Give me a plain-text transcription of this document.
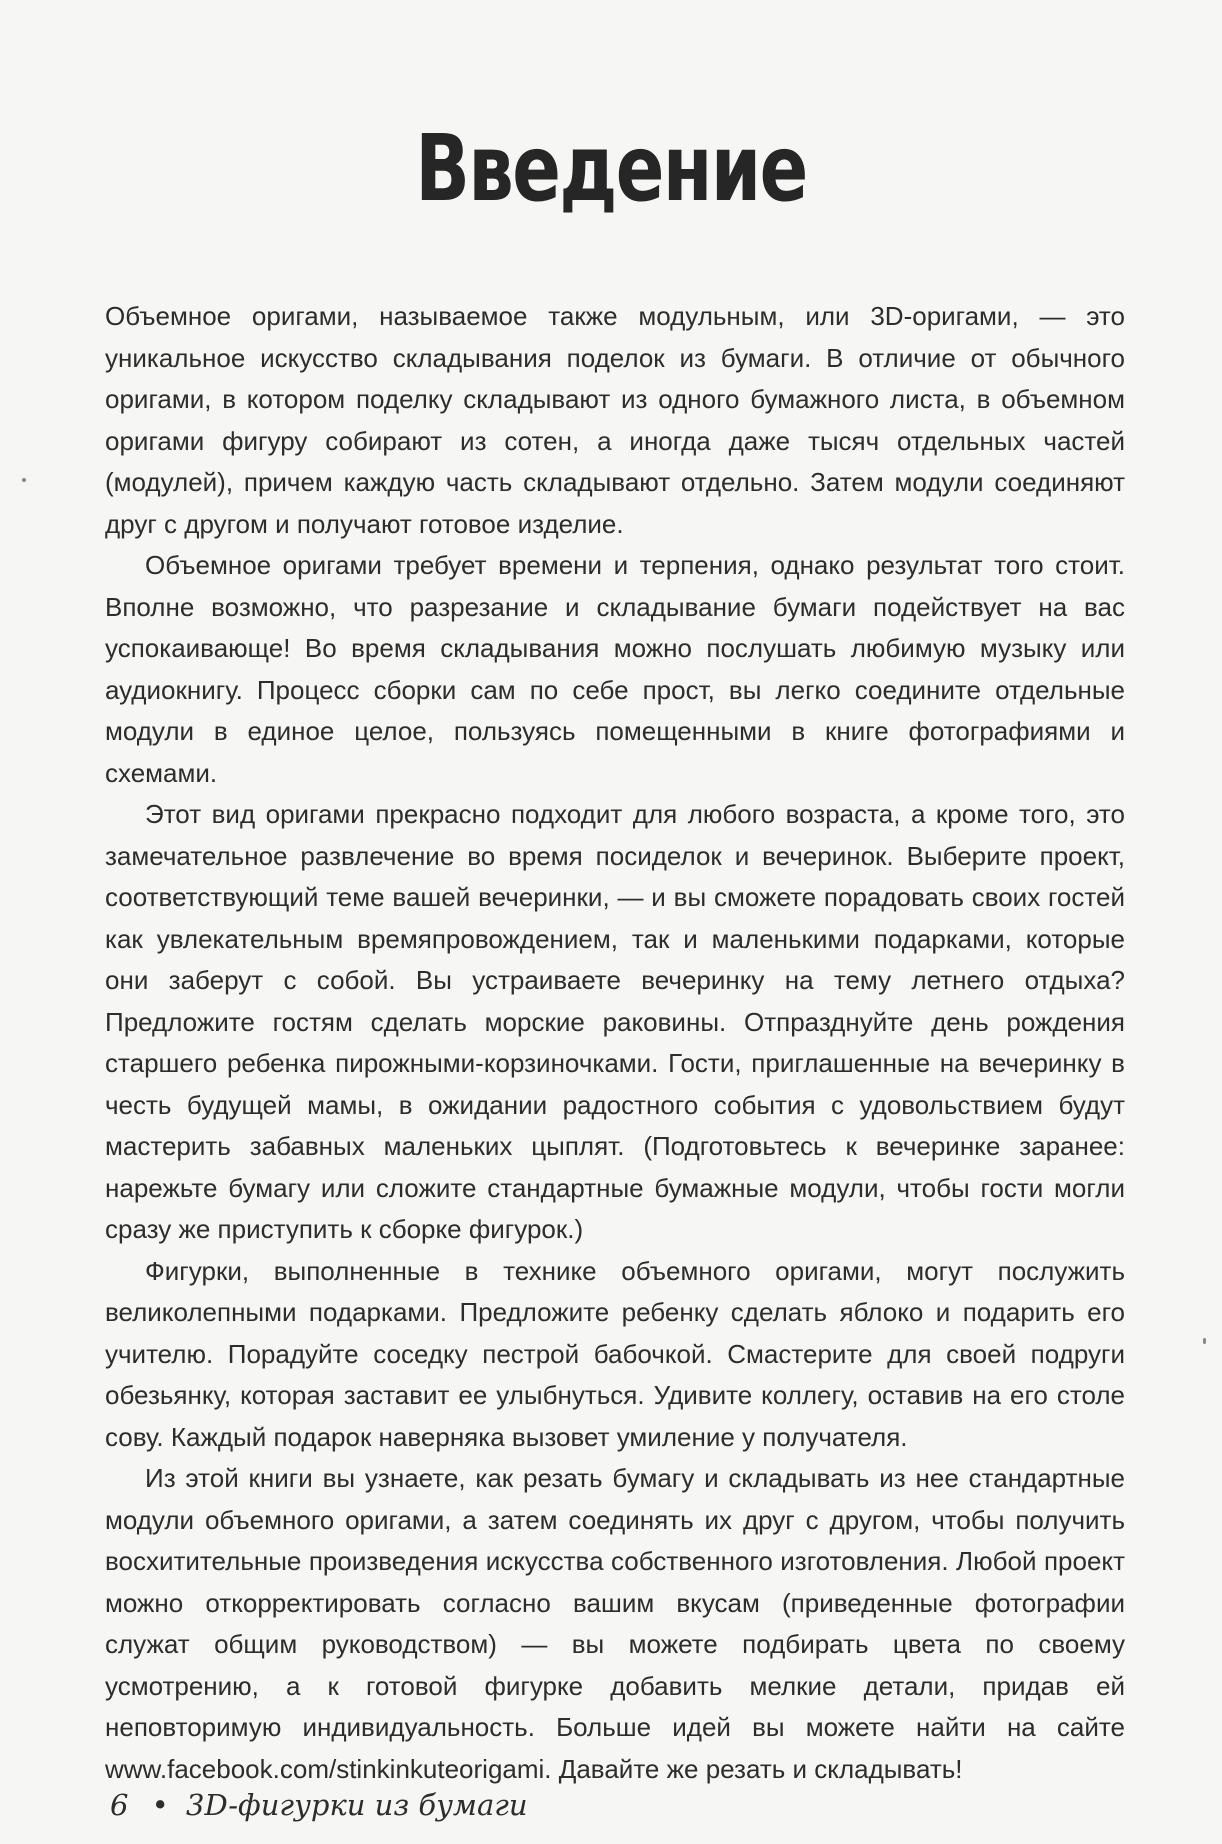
Введение

Объемное оригами, называемое также модульным, или 3D-оригами, — это уникальное искусство складывания поделок из бумаги. В отличие от обычного оригами, в котором поделку складывают из одного бумажного листа, в объемном оригами фигуру собирают из сотен, а иногда даже тысяч отдельных частей (модулей), причем каждую часть складывают отдельно. Затем модули соединяют друг с другом и получают готовое изделие.

Объемное оригами требует времени и терпения, однако результат того стоит. Вполне возможно, что разрезание и складывание бумаги подействует на вас успокаивающе! Во время складывания можно послушать любимую музыку или аудиокнигу. Процесс сборки сам по себе прост, вы легко соедините отдельные модули в единое целое, пользуясь помещенными в книге фотографиями и схемами.

Этот вид оригами прекрасно подходит для любого возраста, а кроме того, это замечательное развлечение во время посиделок и вечеринок. Выберите проект, соответствующий теме вашей вечеринки, — и вы сможете порадовать своих гостей как увлекательным времяпровождением, так и маленькими подарками, которые они заберут с собой. Вы устраиваете вечеринку на тему летнего отдыха? Предложите гостям сделать морские раковины. Отпразднуйте день рождения старшего ребенка пирожными-корзиночками. Гости, приглашенные на вечеринку в честь будущей мамы, в ожидании радостного события с удовольствием будут мастерить забавных маленьких цыплят. (Подготовьтесь к вечеринке заранее: нарежьте бумагу или сложите стандартные бумажные модули, чтобы гости могли сразу же приступить к сборке фигурок.)

Фигурки, выполненные в технике объемного оригами, могут послужить великолепными подарками. Предложите ребенку сделать яблоко и подарить его учителю. Порадуйте соседку пестрой бабочкой. Смастерите для своей подруги обезьянку, которая заставит ее улыбнуться. Удивите коллегу, оставив на его столе сову. Каждый подарок наверняка вызовет умиление у получателя.

Из этой книги вы узнаете, как резать бумагу и складывать из нее стандартные модули объемного оригами, а затем соединять их друг с другом, чтобы получить восхитительные произведения искусства собственного изготовления. Любой проект можно откорректировать согласно вашим вкусам (приведенные фотографии служат общим руководством) — вы можете подбирать цвета по своему усмотрению, а к готовой фигурке добавить мелкие детали, придав ей неповторимую индивидуальность. Больше идей вы можете найти на сайте www.facebook.com/stinkinkuteorigami. Давайте же резать и складывать!

6 • 3D-фигурки из бумаги
